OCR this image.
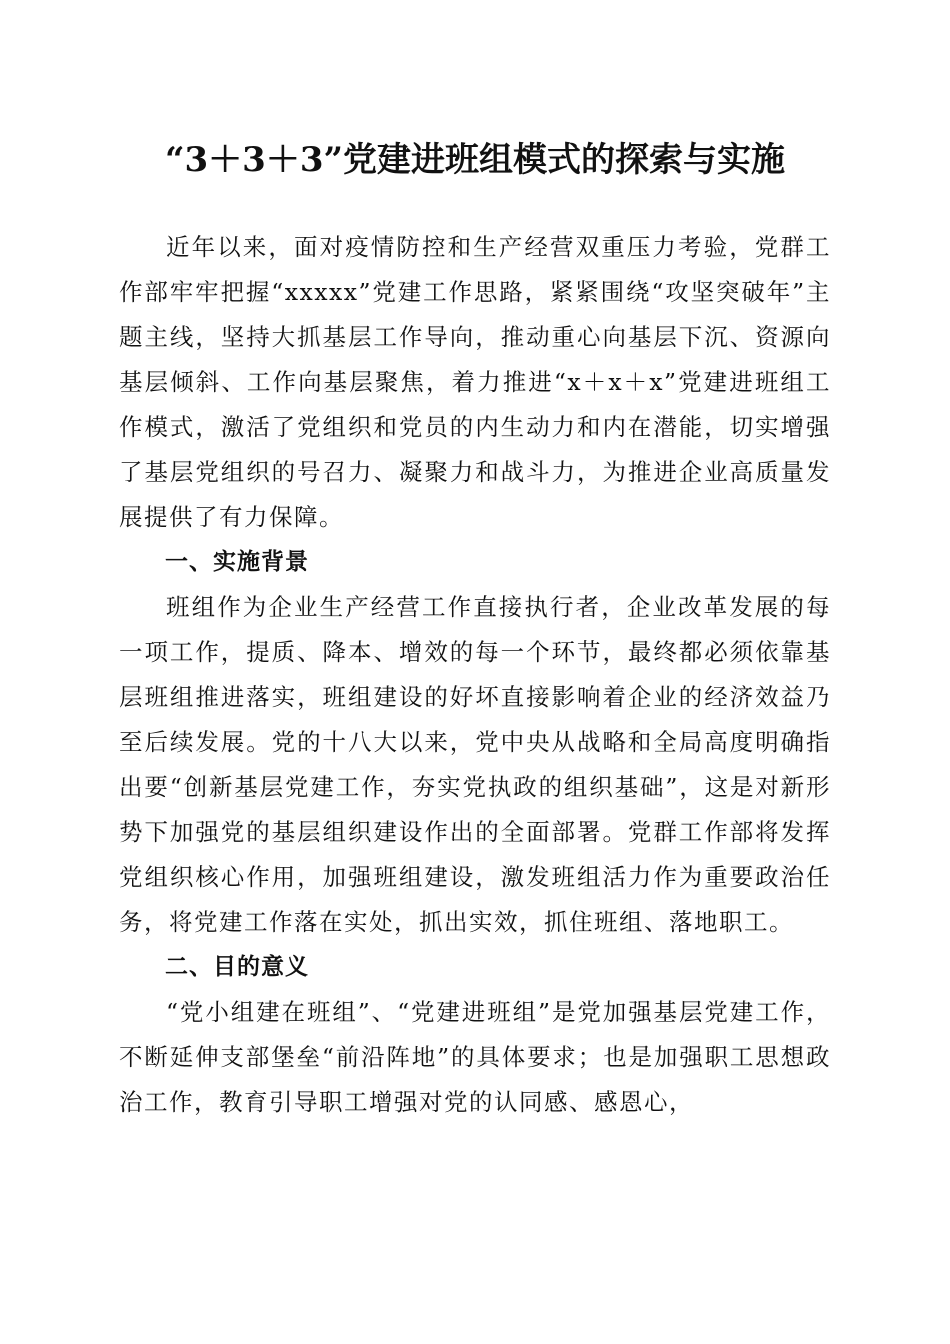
“3＋3＋3”党建进班组模式的探索与实施

近年以来，面对疫情防控和生产经营双重压力考验，党群工作部牢牢把握“xxxxx”党建工作思路，紧紧围绕“攻坚突破年”主题主线，坚持大抓基层工作导向，推动重心向基层下沉、资源向基层倾斜、工作向基层聚焦，着力推进“x＋x＋x”党建进班组工作模式，激活了党组织和党员的内生动力和内在潜能，切实增强了基层党组织的号召力、凝聚力和战斗力，为推进企业高质量发展提供了有力保障。

一、实施背景

班组作为企业生产经营工作直接执行者，企业改革发展的每一项工作，提质、降本、增效的每一个环节，最终都必须依靠基层班组推进落实，班组建设的好坏直接影响着企业的经济效益乃至后续发展。党的十八大以来，党中央从战略和全局高度明确指出要“创新基层党建工作，夯实党执政的组织基础”，这是对新形势下加强党的基层组织建设作出的全面部署。党群工作部将发挥党组织核心作用，加强班组建设，激发班组活力作为重要政治任务，将党建工作落在实处，抓出实效，抓住班组、落地职工。

二、目的意义

“党小组建在班组”、“党建进班组”是党加强基层党建工作，不断延伸支部堡垒“前沿阵地”的具体要求；也是加强职工思想政治工作，教育引导职工增强对党的认同感、感恩心，
